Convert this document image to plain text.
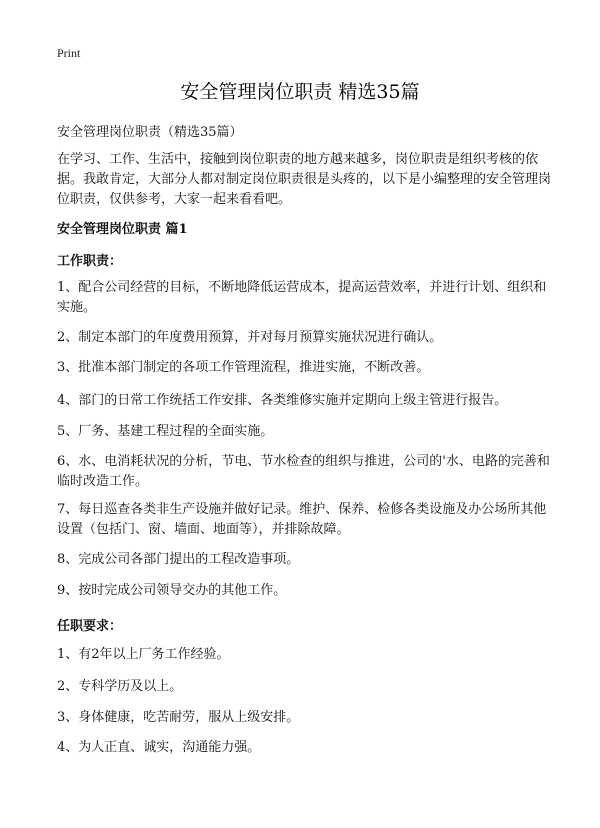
Print
安全管理岗位职责 精选35篇
安全管理岗位职责（精选35篇）
在学习、工作、生活中，接触到岗位职责的地方越来越多，岗位职责是组织考核的依据。我敢肯定，大部分人都对制定岗位职责很是头疼的，以下是小编整理的安全管理岗位职责，仅供参考，大家一起来看看吧。
安全管理岗位职责 篇1
工作职责：
1、配合公司经营的目标，不断地降低运营成本，提高运营效率，并进行计划、组织和实施。
2、制定本部门的年度费用预算，并对每月预算实施状况进行确认。
3、批准本部门制定的各项工作管理流程，推进实施，不断改善。
4、部门的日常工作统括工作安排、各类维修实施并定期向上级主管进行报告。
5、厂务、基建工程过程的全面实施。
6、水、电消耗状况的分析，节电、节水检查的组织与推进，公司的'水、电路的完善和临时改造工作。
7、每日巡查各类非生产设施并做好记录。维护、保养、检修各类设施及办公场所其他设置（包括门、窗、墙面、地面等），并排除故障。
8、完成公司各部门提出的工程改造事项。
9、按时完成公司领导交办的其他工作。
任职要求：
1、有2年以上厂务工作经验。
2、专科学历及以上。
3、身体健康，吃苦耐劳，服从上级安排。
4、为人正直、诚实，沟通能力强。
